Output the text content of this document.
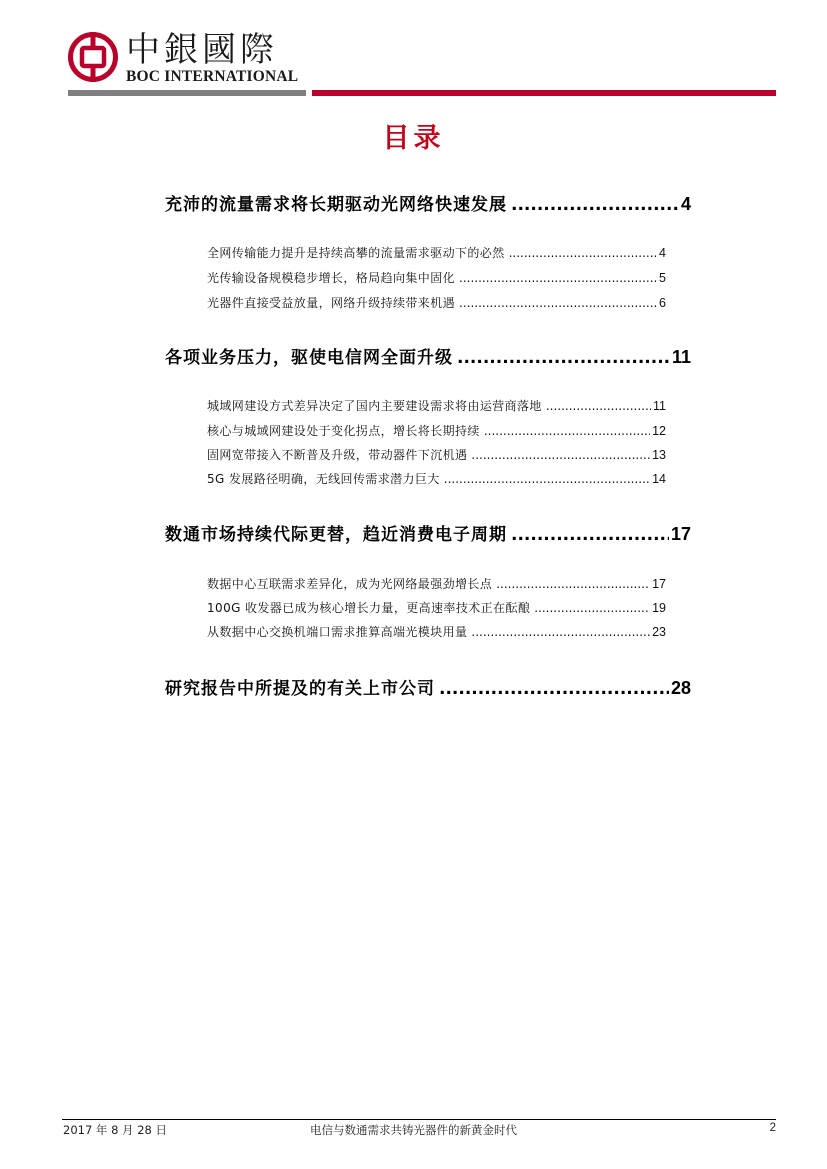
中銀國際
BOC INTERNATIONAL
目录
充沛的流量需求将长期驱动光网络快速发展 .....	4
全网传输能力提升是持续高攀的流量需求驱动下的必然 .....	4
光传输设备规模稳步增长，格局趋向集中固化 .....	5
光器件直接受益放量，网络升级持续带来机遇 .....	6
各项业务压力，驱使电信网全面升级 .....	11
城域网建设方式差异决定了国内主要建设需求将由运营商落地 .....	11
核心与城域网建设处于变化拐点，增长将长期持续 .....	12
固网宽带接入不断普及升级，带动器件下沉机遇 .....	13
5G 发展路径明确，无线回传需求潜力巨大 .....	14
数通市场持续代际更替，趋近消费电子周期 .....	17
数据中心互联需求差异化，成为光网络最强劲增长点 .....	17
100G 收发器已成为核心增长力量，更高速率技术正在酝酿 .....	19
从数据中心交换机端口需求推算高端光模块用量 .....	23
研究报告中所提及的有关上市公司 .....	28
2017 年 8 月 28 日	电信与数通需求共铸光器件的新黄金时代	2
